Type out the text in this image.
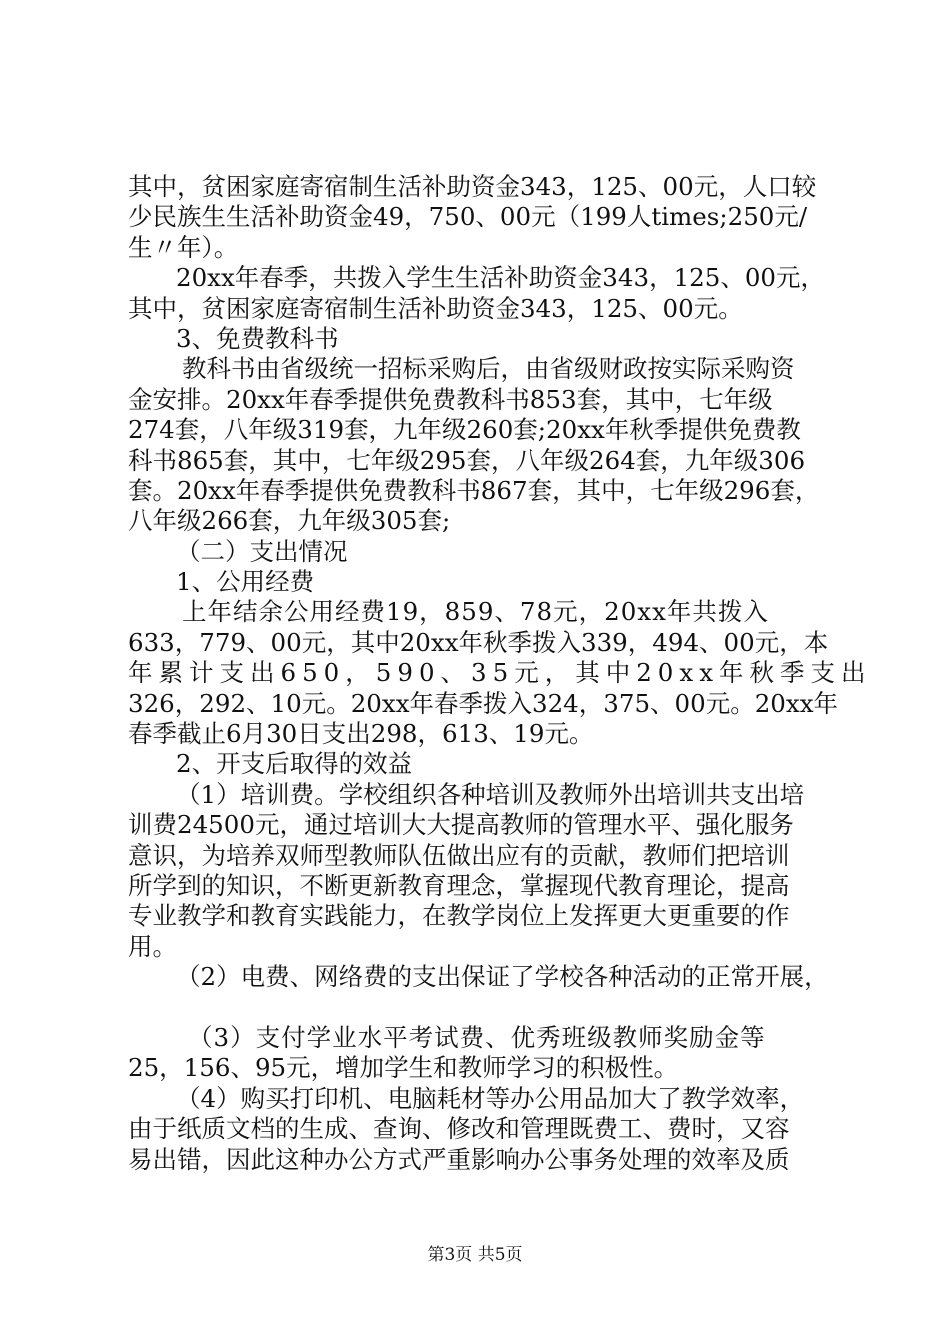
其中，贫困家庭寄宿制生活补助资金343，125、00元，人口较
少民族生生活补助资金49，750、00元（199人times;250元/
生〃年）。
20xx年春季，共拨入学生生活补助资金343，125、00元，
其中，贫困家庭寄宿制生活补助资金343，125、00元。
3、免费教科书
教科书由省级统一招标采购后，由省级财政按实际采购资
金安排。20xx年春季提供免费教科书853套，其中，七年级
274套，八年级319套，九年级260套;20xx年秋季提供免费教
科书865套，其中，七年级295套，八年级264套，九年级306
套。20xx年春季提供免费教科书867套，其中，七年级296套，
八年级266套，九年级305套;
（二）支出情况
1、公用经费
上年结余公用经费19，859、78元，20xx年共拨入
633，779、00元，其中20xx年秋季拨入339，494、00元，本
年累计支出650，590、35元，其中20xx年秋季支出
326，292、10元。20xx年春季拨入324，375、00元。20xx年
春季截止6月30日支出298，613、19元。
2、开支后取得的效益
（1）培训费。学校组织各种培训及教师外出培训共支出培
训费24500元，通过培训大大提高教师的管理水平、强化服务
意识，为培养双师型教师队伍做出应有的贡献，教师们把培训
所学到的知识，不断更新教育理念，掌握现代教育理论，提高
专业教学和教育实践能力，在教学岗位上发挥更大更重要的作
用。
（2）电费、网络费的支出保证了学校各种活动的正常开展，
（3）支付学业水平考试费、优秀班级教师奖励金等
25，156、95元，增加学生和教师学习的积极性。
（4）购买打印机、电脑耗材等办公用品加大了教学效率，
由于纸质文档的生成、查询、修改和管理既费工、费时，又容
易出错，因此这种办公方式严重影响办公事务处理的效率及质
第3页 共5页
